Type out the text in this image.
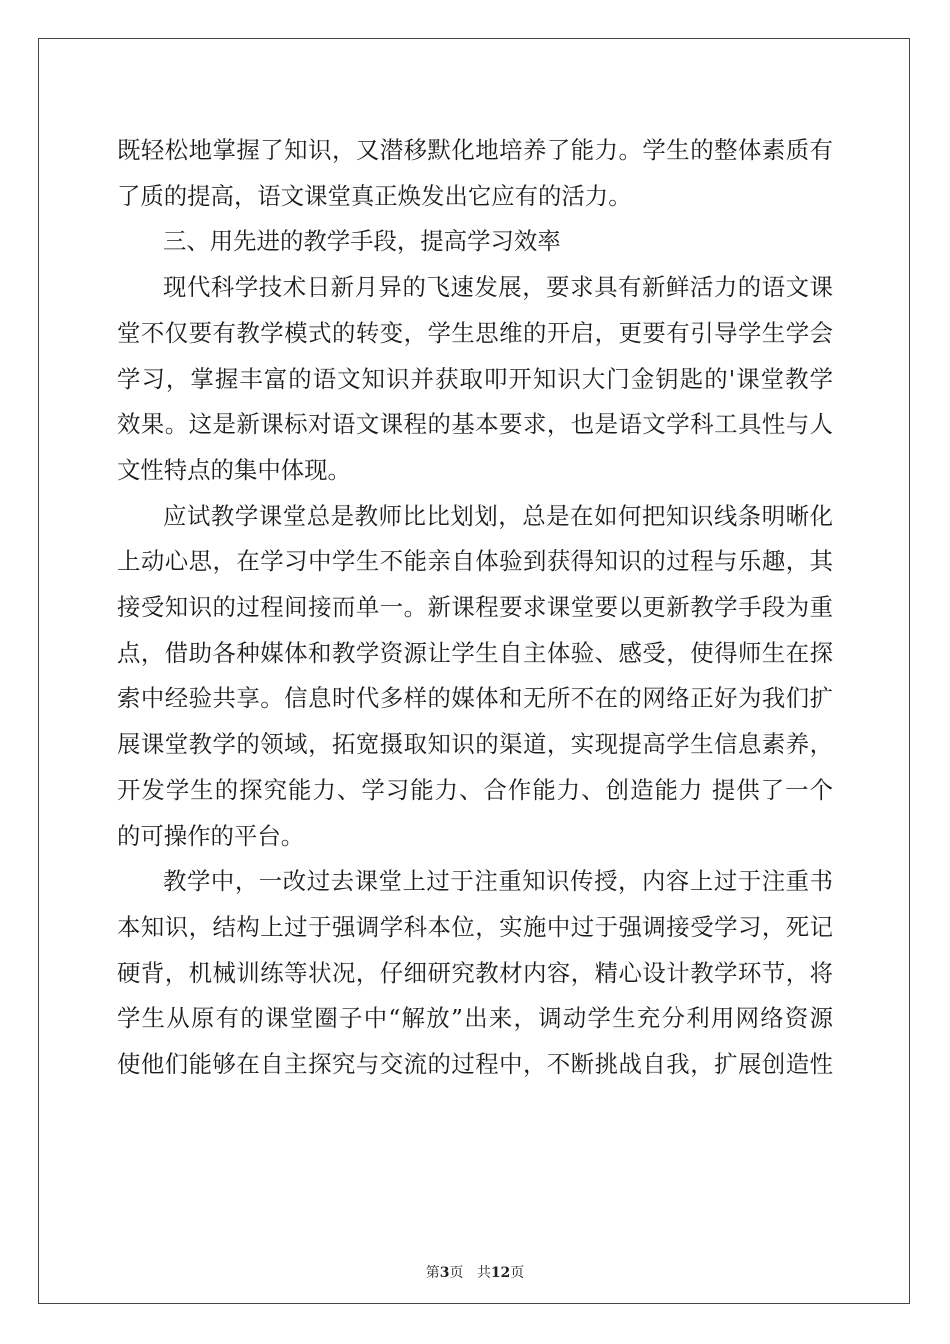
既轻松地掌握了知识，又潜移默化地培养了能力。学生的整体素质有
了质的提高，语文课堂真正焕发出它应有的活力。

三、用先进的教学手段，提高学习效率

现代科学技术日新月异的飞速发展，要求具有新鲜活力的语文课
堂不仅要有教学模式的转变，学生思维的开启，更要有引导学生学会
学习，掌握丰富的语文知识并获取叩开知识大门金钥匙的'课堂教学
效果。这是新课标对语文课程的基本要求，也是语文学科工具性与人
文性特点的集中体现。

应试教学课堂总是教师比比划划，总是在如何把知识线条明晰化
上动心思，在学习中学生不能亲自体验到获得知识的过程与乐趣，其
接受知识的过程间接而单一。新课程要求课堂要以更新教学手段为重
点，借助各种媒体和教学资源让学生自主体验、感受，使得师生在探
索中经验共享。信息时代多样的媒体和无所不在的网络正好为我们扩
展课堂教学的领域，拓宽摄取知识的渠道，实现提高学生信息素养，
开发学生的探究能力、学习能力、合作能力、创造能力 提供了一个
的可操作的平台。

教学中，一改过去课堂上过于注重知识传授，内容上过于注重书
本知识，结构上过于强调学科本位，实施中过于强调接受学习，死记
硬背，机械训练等状况，仔细研究教材内容，精心设计教学环节，将
学生从原有的课堂圈子中“解放”出来，调动学生充分利用网络资源
使他们能够在自主探究与交流的过程中，不断挑战自我，扩展创造性

第3页 共12页
